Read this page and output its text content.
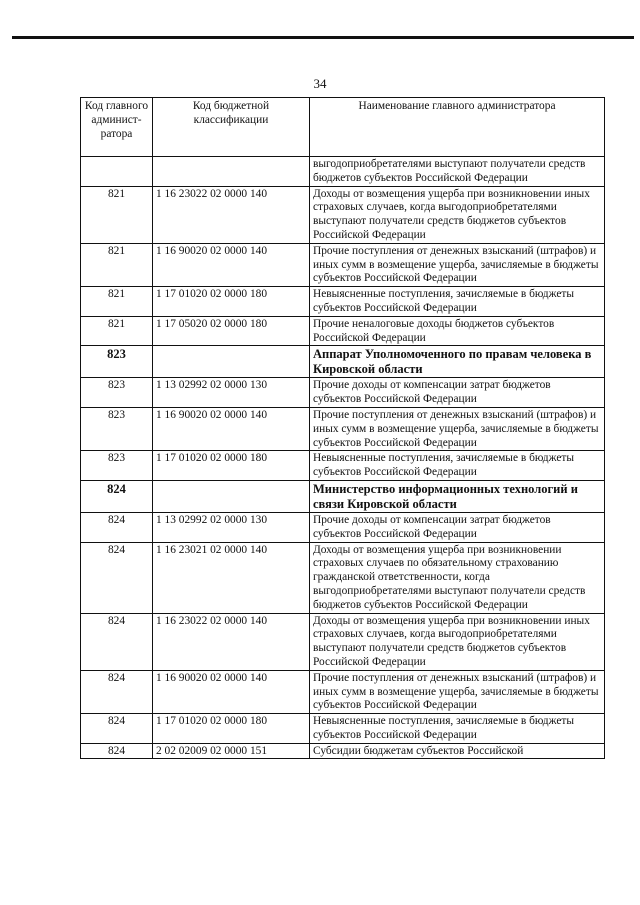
34
Код главного админист-ратора	Код бюджетной классификации	Наименование главного администратора
		выгодоприобретателями выступают получатели средств бюджетов субъектов Российской Федерации
821	1 16 23022 02 0000 140	Доходы от возмещения ущерба при возникновении иных страховых случаев, когда выгодоприобретателями выступают получатели средств бюджетов субъектов Российской Федерации
821	1 16 90020 02 0000 140	Прочие поступления от денежных взысканий (штрафов) и иных сумм в возмещение ущерба, зачисляемые в бюджеты субъектов Российской Федерации
821	1 17 01020 02 0000 180	Невыясненные поступления, зачисляемые в бюджеты субъектов Российской Федерации
821	1 17 05020 02 0000 180	Прочие неналоговые доходы бюджетов субъектов Российской Федерации
823		Аппарат Уполномоченного по правам человека в Кировской области
823	1 13 02992 02 0000 130	Прочие доходы от компенсации затрат бюджетов субъектов Российской Федерации
823	1 16 90020 02 0000 140	Прочие поступления от денежных взысканий (штрафов) и иных сумм в возмещение ущерба, зачисляемые в бюджеты субъектов Российской Федерации
823	1 17 01020 02 0000 180	Невыясненные поступления, зачисляемые в бюджеты субъектов Российской Федерации
824		Министерство информационных технологий и связи Кировской области
824	1 13 02992 02 0000 130	Прочие доходы от компенсации затрат бюджетов субъектов Российской Федерации
824	1 16 23021 02 0000 140	Доходы от возмещения ущерба при возникновении страховых случаев по обязательному страхованию гражданской ответственности, когда выгодоприобретателями выступают получатели средств бюджетов субъектов Российской Федерации
824	1 16 23022 02 0000 140	Доходы от возмещения ущерба при возникновении иных страховых случаев, когда выгодоприобретателями выступают получатели средств бюджетов субъектов Российской Федерации
824	1 16 90020 02 0000 140	Прочие поступления от денежных взысканий (штрафов) и иных сумм в возмещение ущерба, зачисляемые в бюджеты субъектов Российской Федерации
824	1 17 01020 02 0000 180	Невыясненные поступления, зачисляемые в бюджеты субъектов Российской Федерации
824	2 02 02009 02 0000 151	Субсидии бюджетам субъектов Российской
